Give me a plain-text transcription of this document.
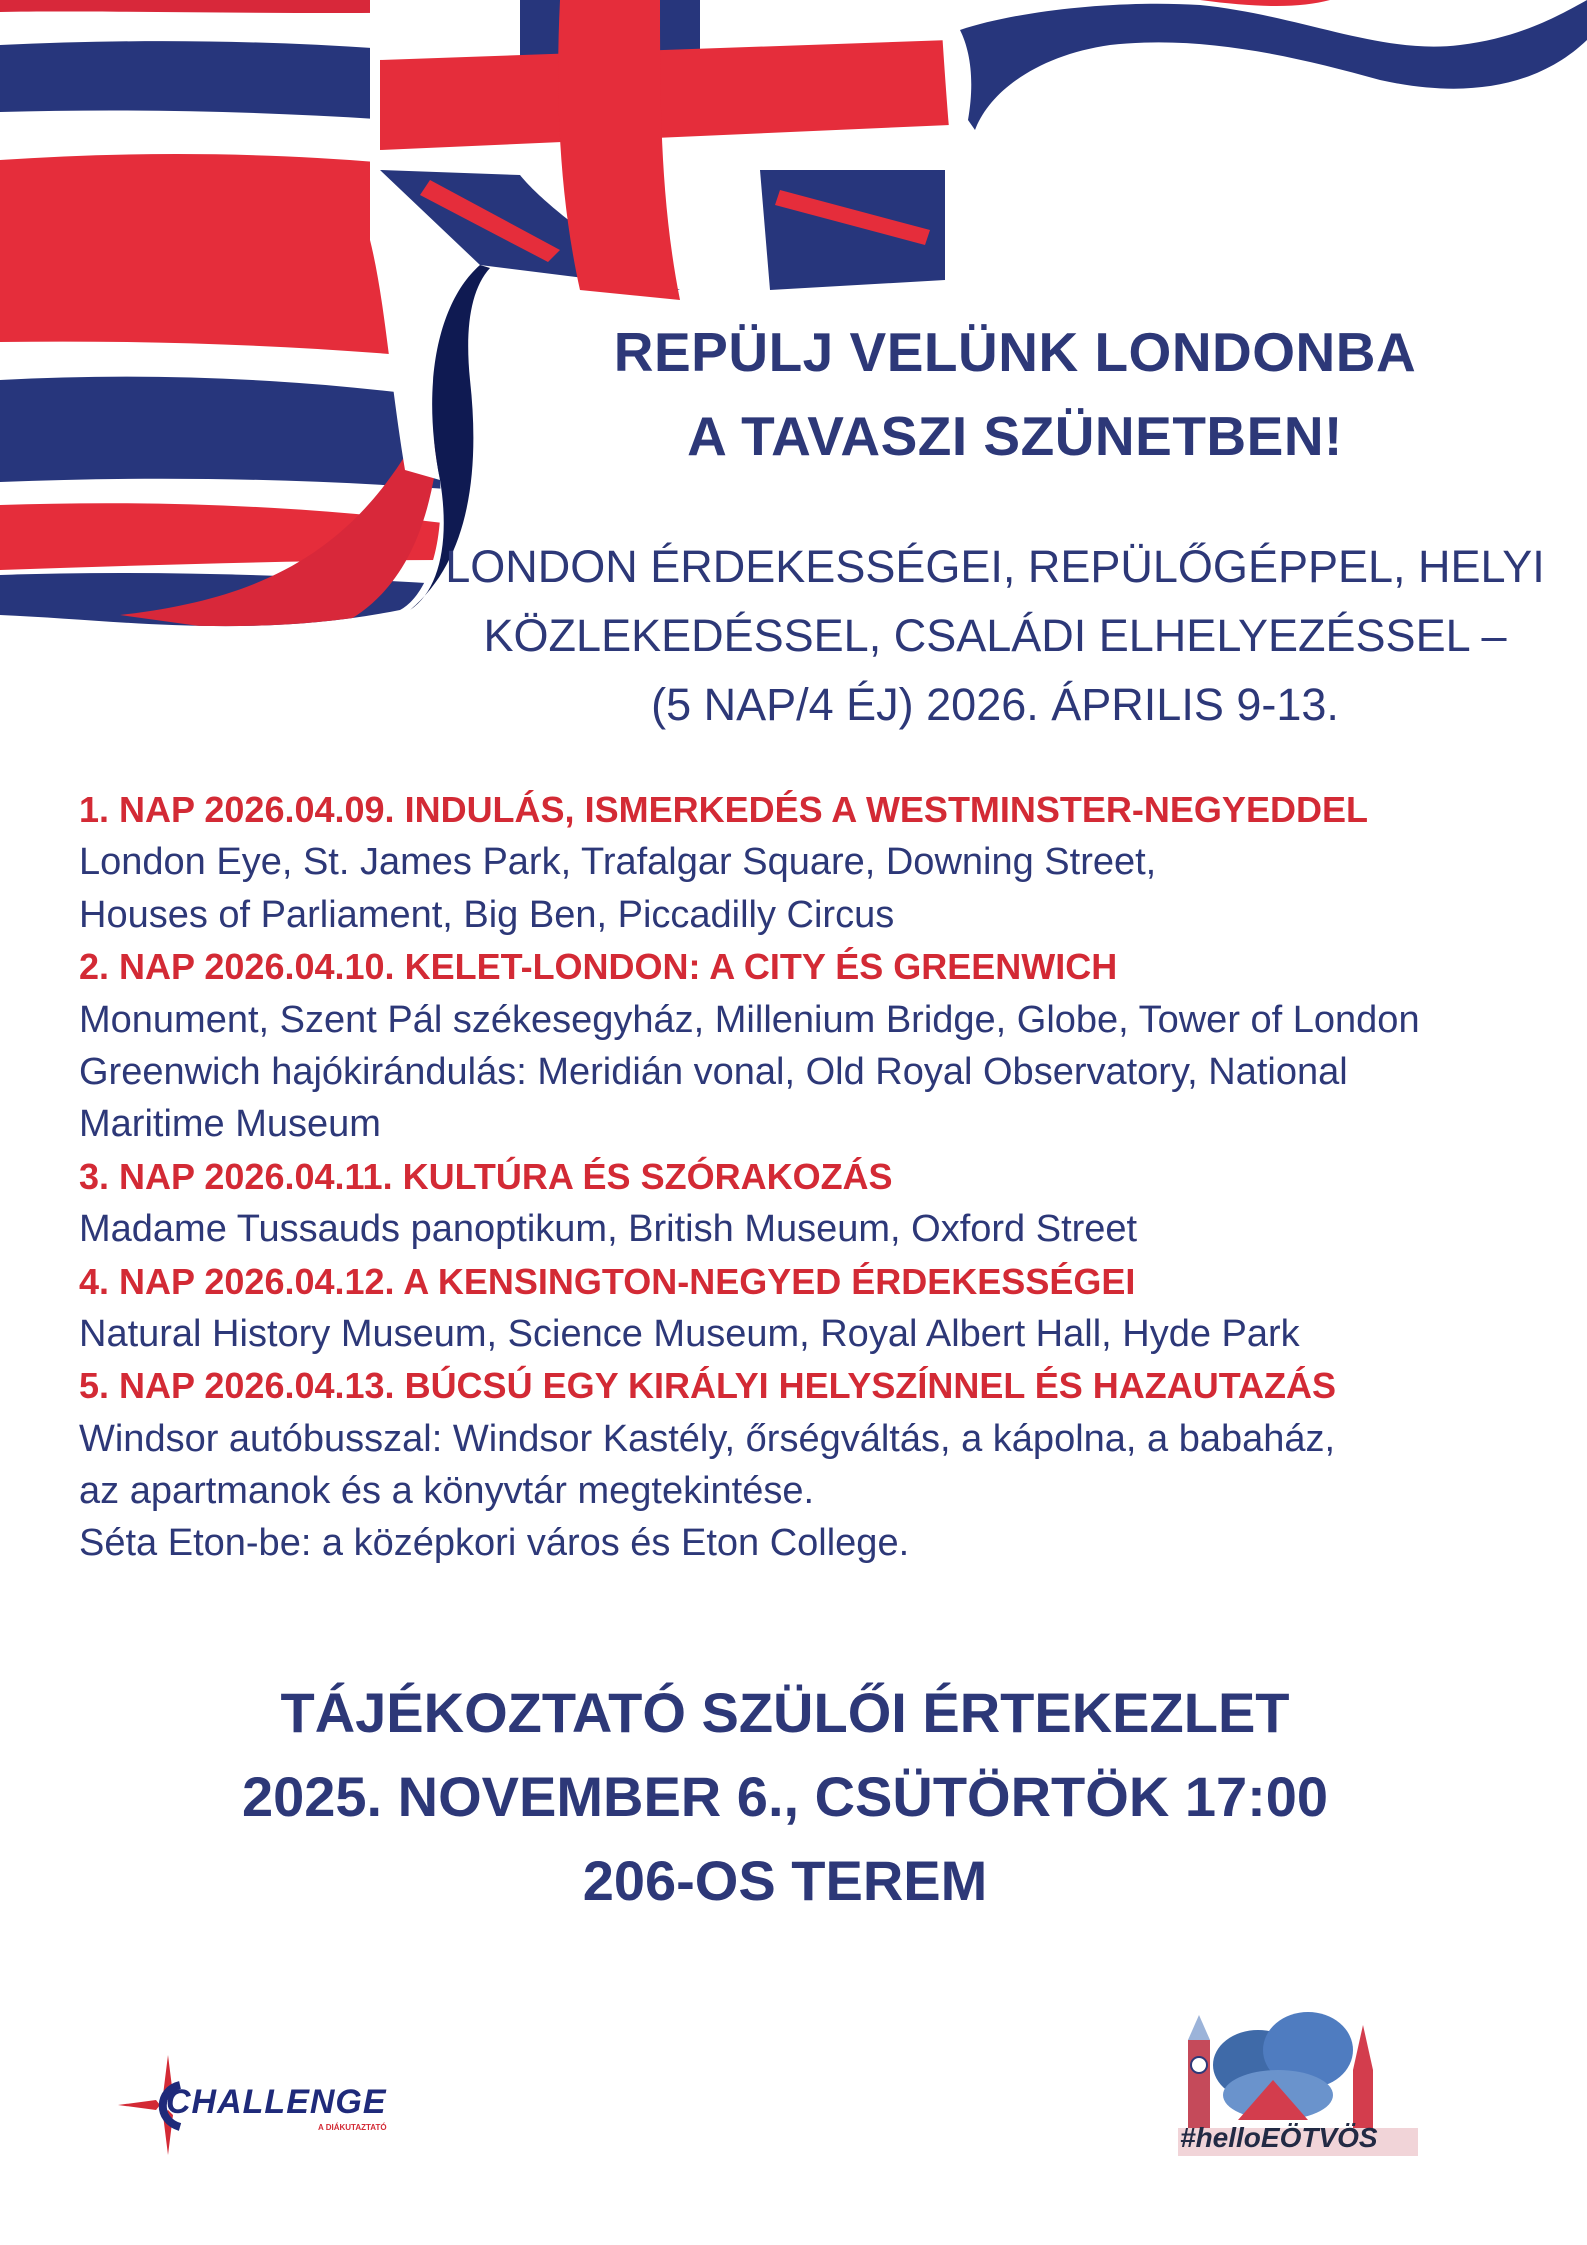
REPÜLJ VELÜNK LONDONBA
A TAVASZI SZÜNETBEN!
LONDON ÉRDEKESSÉGEI, REPÜLŐGÉPPEL, HELYI
KÖZLEKEDÉSSEL, CSALÁDI ELHELYEZÉSSEL –
(5 NAP/4 ÉJ) 2026. ÁPRILIS 9-13.
1. NAP 2026.04.09. INDULÁS, ISMERKEDÉS A WESTMINSTER-NEGYEDDEL
London Eye, St. James Park, Trafalgar Square, Downing Street,
Houses of Parliament, Big Ben, Piccadilly Circus
2. NAP 2026.04.10. KELET-LONDON: A CITY ÉS GREENWICH
Monument, Szent Pál székesegyház, Millenium Bridge, Globe, Tower of London
Greenwich hajókirándulás: Meridián vonal, Old Royal Observatory, National
Maritime Museum
3. NAP 2026.04.11. KULTÚRA ÉS SZÓRAKOZÁS
Madame Tussauds panoptikum, British Museum, Oxford Street
4. NAP 2026.04.12. A KENSINGTON-NEGYED ÉRDEKESSÉGEI
Natural History Museum, Science Museum, Royal Albert Hall, Hyde Park
5. NAP 2026.04.13. BÚCSÚ EGY KIRÁLYI HELYSZÍNNEL ÉS HAZAUTAZÁS
Windsor autóbusszal: Windsor Kastély, őrségváltás, a kápolna, a babaház,
az apartmanok és a könyvtár megtekintése.
Séta Eton-be: a középkori város és Eton College.
TÁJÉKOZTATÓ SZÜLŐI ÉRTEKEZLET
2025. NOVEMBER 6., CSÜTÖRTÖK 17:00
206-OS TEREM
CHALLENGE
A DIÁKUTAZTATÓ	#helloEÖTVÖS
